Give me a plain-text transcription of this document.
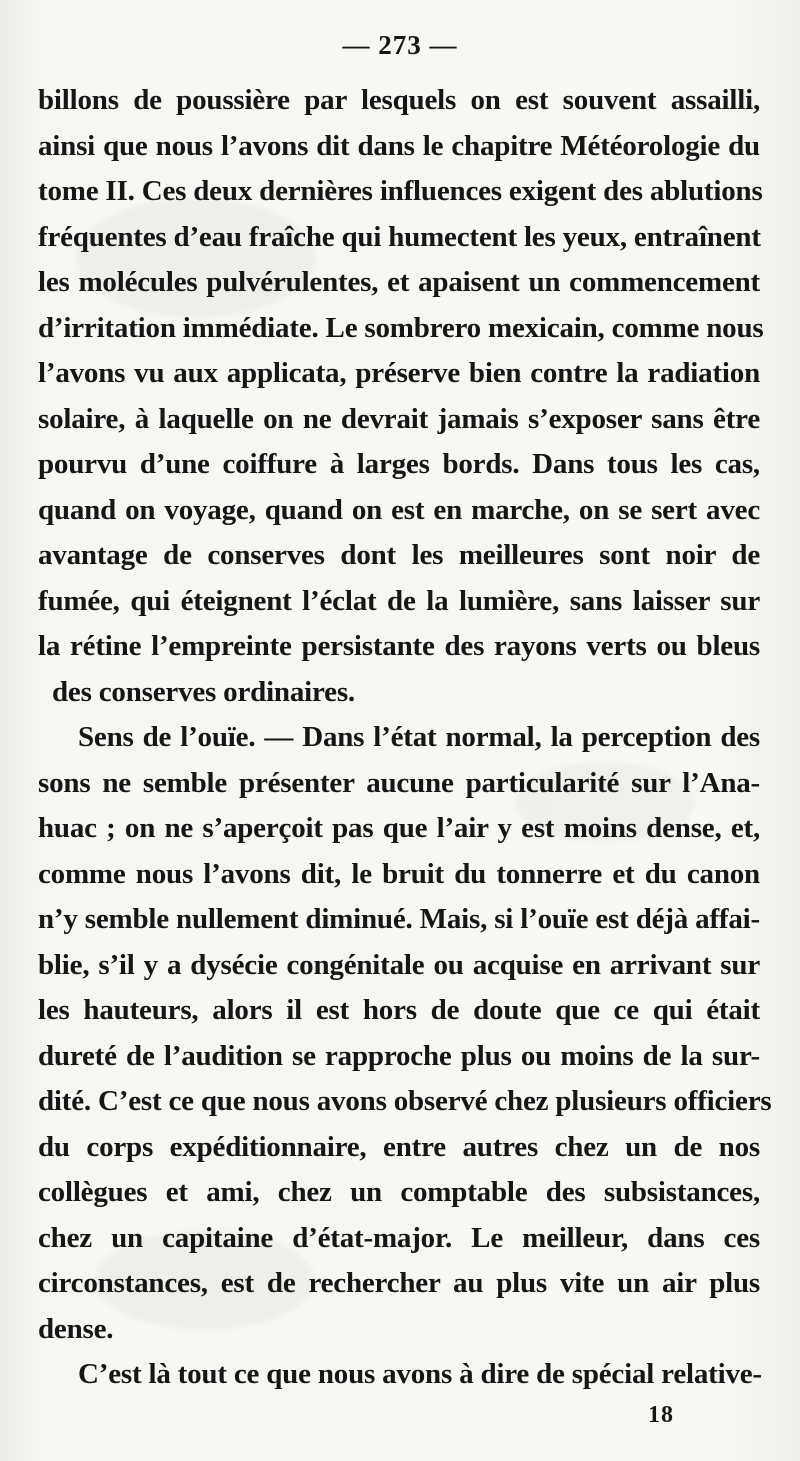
— 273 —
billons de poussière par lesquels on est souvent assailli,
ainsi que nous l’avons dit dans le chapitre Météorologie du
tome II. Ces deux dernières influences exigent des ablutions
fréquentes d’eau fraîche qui humectent les yeux, entraînent
les molécules pulvérulentes, et apaisent un commencement
d’irritation immédiate. Le sombrero mexicain, comme nous
l’avons vu aux applicata, préserve bien contre la radiation
solaire, à laquelle on ne devrait jamais s’exposer sans être
pourvu d’une coiffure à larges bords. Dans tous les cas,
quand on voyage, quand on est en marche, on se sert avec
avantage de conserves dont les meilleures sont noir de
fumée, qui éteignent l’éclat de la lumière, sans laisser sur
la rétine l’empreinte persistante des rayons verts ou bleus
des conserves ordinaires.
Sens de l’ouïe. — Dans l’état normal, la perception des
sons ne semble présenter aucune particularité sur l’Ana-
huac ; on ne s’aperçoit pas que l’air y est moins dense, et,
comme nous l’avons dit, le bruit du tonnerre et du canon
n’y semble nullement diminué. Mais, si l’ouïe est déjà affai-
blie, s’il y a dysécie congénitale ou acquise en arrivant sur
les hauteurs, alors il est hors de doute que ce qui était
dureté de l’audition se rapproche plus ou moins de la sur-
dité. C’est ce que nous avons observé chez plusieurs officiers
du corps expéditionnaire, entre autres chez un de nos
collègues et ami, chez un comptable des subsistances,
chez un capitaine d’état-major. Le meilleur, dans ces
circonstances, est de rechercher au plus vite un air plus
dense.
C’est là tout ce que nous avons à dire de spécial relative-
18
